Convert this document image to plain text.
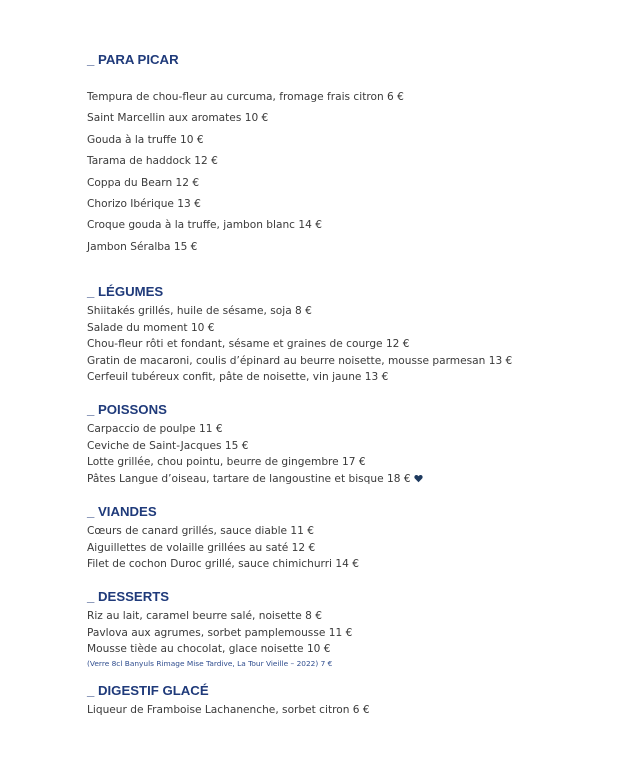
_ PARA PICAR
Tempura de chou-fleur au curcuma, fromage frais citron 6 €
Saint Marcellin aux aromates 10 €
Gouda à la truffe 10 €
Tarama de haddock 12 €
Coppa du Bearn 12 €
Chorizo Ibérique 13 €
Croque gouda à la truffe, jambon blanc 14 €
Jambon Séralba 15 €
_ LÉGUMES
Shiitakés grillés, huile de sésame, soja 8 €
Salade du moment 10 €
Chou-fleur rôti et fondant, sésame et graines de courge 12 €
Gratin de macaroni, coulis d’épinard au beurre noisette, mousse parmesan 13 €
Cerfeuil tubéreux confit, pâte de noisette, vin jaune 13 €
_ POISSONS
Carpaccio de poulpe 11 €
Ceviche de Saint-Jacques 15 €
Lotte grillée, chou pointu, beurre de gingembre 17 €
Pâtes Langue d’oiseau, tartare de langoustine et bisque 18 €
_ VIANDES
Cœurs de canard grillés, sauce diable 11 €
Aiguillettes de volaille grillées au saté 12 €
Filet de cochon Duroc grillé, sauce chimichurri 14 €
_ DESSERTS
Riz au lait, caramel beurre salé, noisette 8 €
Pavlova aux agrumes, sorbet pamplemousse 11 €
Mousse tiède au chocolat, glace noisette 10 €
(Verre 8cl Banyuls Rimage Mise Tardive, La Tour Vieille – 2022) 7 €
_ DIGESTIF GLACÉ
Liqueur de Framboise Lachanenche, sorbet citron 6 €
